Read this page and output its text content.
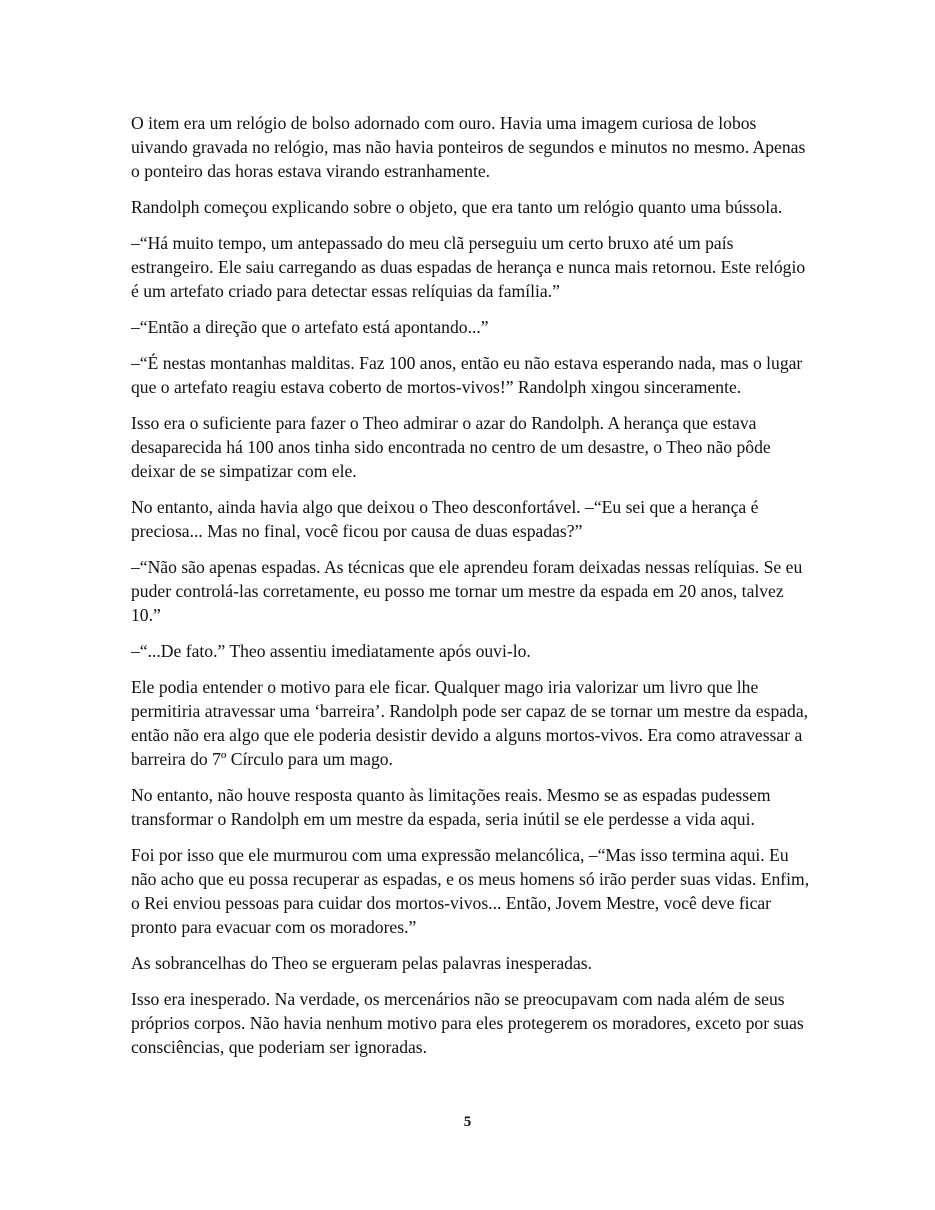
O item era um relógio de bolso adornado com ouro. Havia uma imagem curiosa de lobos uivando gravada no relógio, mas não havia ponteiros de segundos e minutos no mesmo. Apenas o ponteiro das horas estava virando estranhamente.

Randolph começou explicando sobre o objeto, que era tanto um relógio quanto uma bússola.

–“Há muito tempo, um antepassado do meu clã perseguiu um certo bruxo até um país estrangeiro. Ele saiu carregando as duas espadas de herança e nunca mais retornou. Este relógio é um artefato criado para detectar essas relíquias da família.”

–“Então a direção que o artefato está apontando...”

–“É nestas montanhas malditas. Faz 100 anos, então eu não estava esperando nada, mas o lugar que o artefato reagiu estava coberto de mortos-vivos!” Randolph xingou sinceramente.

Isso era o suficiente para fazer o Theo admirar o azar do Randolph. A herança que estava desaparecida há 100 anos tinha sido encontrada no centro de um desastre, o Theo não pôde deixar de se simpatizar com ele.

No entanto, ainda havia algo que deixou o Theo desconfortável. –“Eu sei que a herança é preciosa... Mas no final, você ficou por causa de duas espadas?”

–“Não são apenas espadas. As técnicas que ele aprendeu foram deixadas nessas relíquias. Se eu puder controlá-las corretamente, eu posso me tornar um mestre da espada em 20 anos, talvez 10.”

–“...De fato.” Theo assentiu imediatamente após ouvi-lo.

Ele podia entender o motivo para ele ficar. Qualquer mago iria valorizar um livro que lhe permitiria atravessar uma ‘barreira’. Randolph pode ser capaz de se tornar um mestre da espada, então não era algo que ele poderia desistir devido a alguns mortos-vivos. Era como atravessar a barreira do 7º Círculo para um mago.

No entanto, não houve resposta quanto às limitações reais. Mesmo se as espadas pudessem transformar o Randolph em um mestre da espada, seria inútil se ele perdesse a vida aqui.

Foi por isso que ele murmurou com uma expressão melancólica, –“Mas isso termina aqui. Eu não acho que eu possa recuperar as espadas, e os meus homens só irão perder suas vidas. Enfim, o Rei enviou pessoas para cuidar dos mortos-vivos... Então, Jovem Mestre, você deve ficar pronto para evacuar com os moradores.”

As sobrancelhas do Theo se ergueram pelas palavras inesperadas.

Isso era inesperado. Na verdade, os mercenários não se preocupavam com nada além de seus próprios corpos. Não havia nenhum motivo para eles protegerem os moradores, exceto por suas consciências, que poderiam ser ignoradas.

5
